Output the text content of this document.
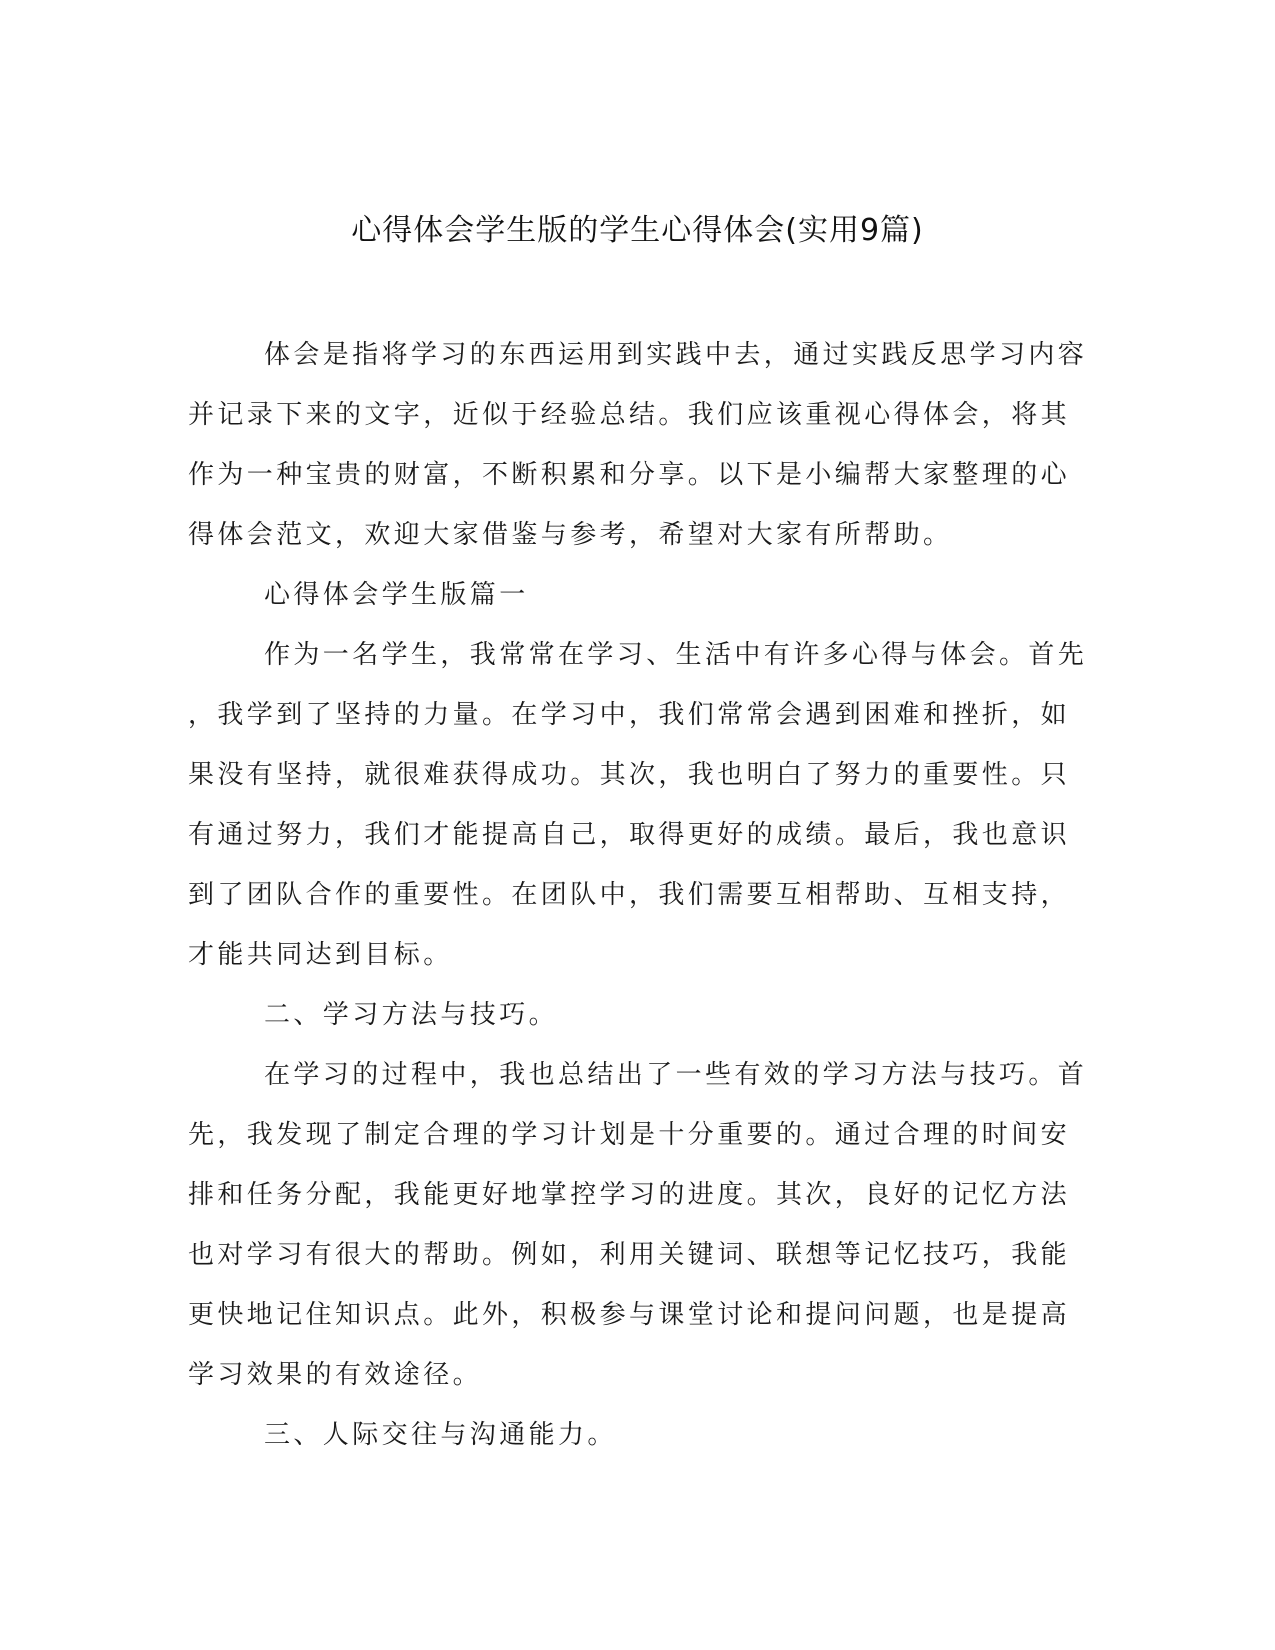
心得体会学生版的学生心得体会(实用9篇)
体会是指将学习的东西运用到实践中去，通过实践反思学习内容
并记录下来的文字，近似于经验总结。我们应该重视心得体会，将其
作为一种宝贵的财富，不断积累和分享。以下是小编帮大家整理的心
得体会范文，欢迎大家借鉴与参考，希望对大家有所帮助。
心得体会学生版篇一
作为一名学生，我常常在学习、生活中有许多心得与体会。首先
，我学到了坚持的力量。在学习中，我们常常会遇到困难和挫折，如
果没有坚持，就很难获得成功。其次，我也明白了努力的重要性。只
有通过努力，我们才能提高自己，取得更好的成绩。最后，我也意识
到了团队合作的重要性。在团队中，我们需要互相帮助、互相支持，
才能共同达到目标。
二、学习方法与技巧。
在学习的过程中，我也总结出了一些有效的学习方法与技巧。首
先，我发现了制定合理的学习计划是十分重要的。通过合理的时间安
排和任务分配，我能更好地掌控学习的进度。其次，良好的记忆方法
也对学习有很大的帮助。例如，利用关键词、联想等记忆技巧，我能
更快地记住知识点。此外，积极参与课堂讨论和提问问题，也是提高
学习效果的有效途径。
三、人际交往与沟通能力。
